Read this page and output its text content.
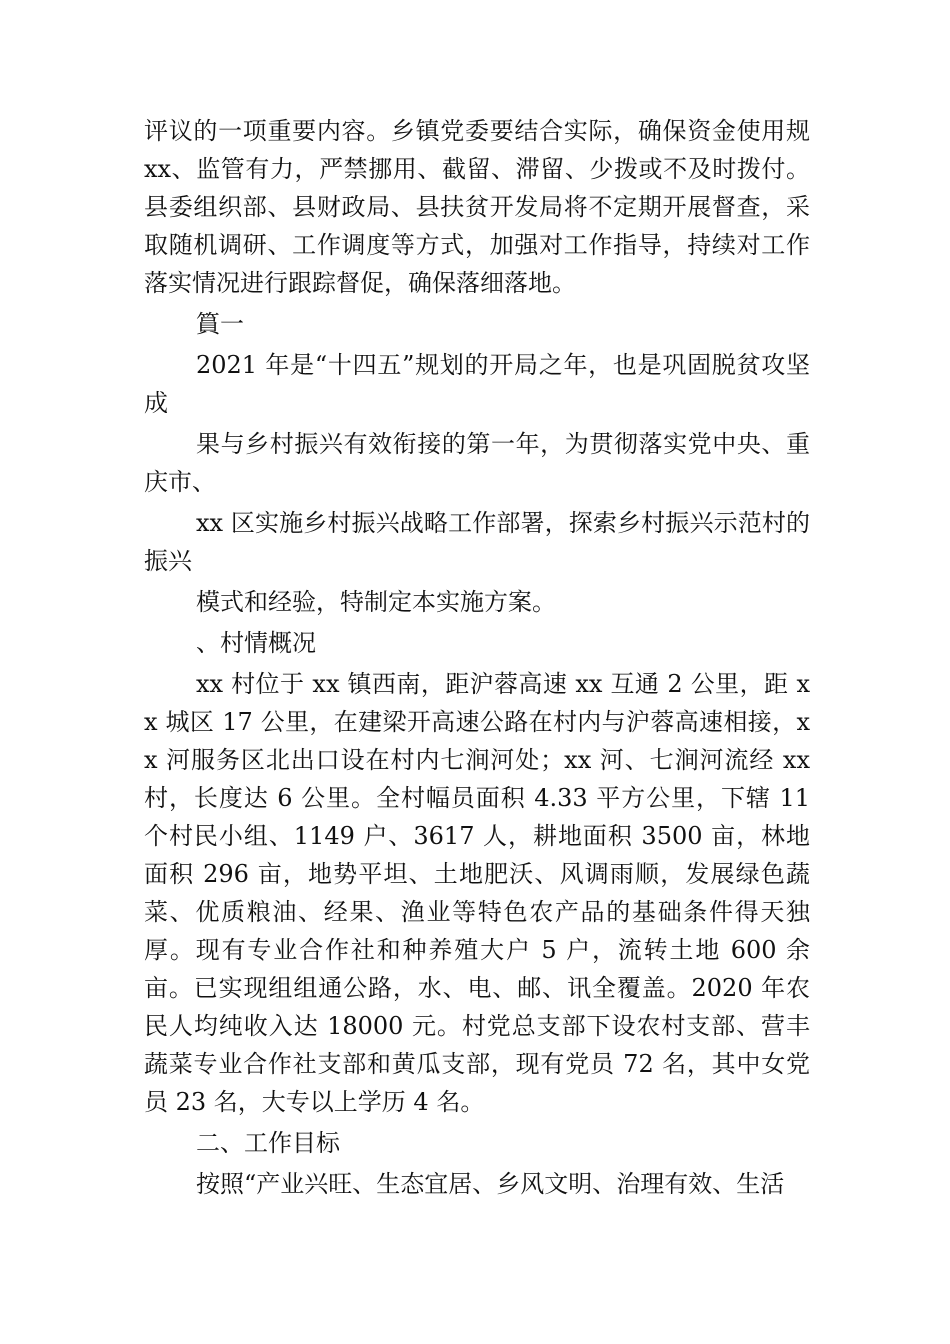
评议的一项重要内容。乡镇党委要结合实际，确保资金使用规 xx、监管有力，严禁挪用、截留、滞留、少拨或不及时拨付。县委组织部、县财政局、县扶贫开发局将不定期开展督查，采取随机调研、工作调度等方式，加强对工作指导，持续对工作落实情况进行跟踪督促，确保落细落地。

篔一

2021 年是“十四五”规划的开局之年，也是巩固脱贫攻坚成

果与乡村振兴有效衔接的第一年，为贯彻落实党中央、重庆市、

xx 区实施乡村振兴战略工作部署，探索乡村振兴示范村的振兴

模式和经验，特制定本实施方案。

、村情概况

xx 村位于 xx 镇西南，距沪蓉高速 xx 互通 2 公里，距 xx 城区 17 公里，在建梁开高速公路在村内与沪蓉高速相接，xx 河服务区北出口设在村内七涧河处；xx 河、七涧河流经 xx 村，长度达 6 公里。全村幅员面积 4.33 平方公里，下辖 11 个村民小组、1149 户、3617 人，耕地面积 3500 亩，林地面积 296 亩，地势平坦、土地肥沃、风调雨顺，发展绿色蔬菜、优质粮油、经果、渔业等特色农产品的基础条件得天独厚。现有专业合作社和种养殖大户 5 户，流转土地 600 余亩。已实现组组通公路，水、电、邮、讯全覆盖。2020 年农民人均纯收入达 18000 元。村党总支部下设农村支部、营丰蔬菜专业合作社支部和黄瓜支部，现有党员 72 名，其中女党员 23 名，大专以上学历 4 名。

二、工作目标

按照“产业兴旺、生态宜居、乡风文明、治理有效、生活
